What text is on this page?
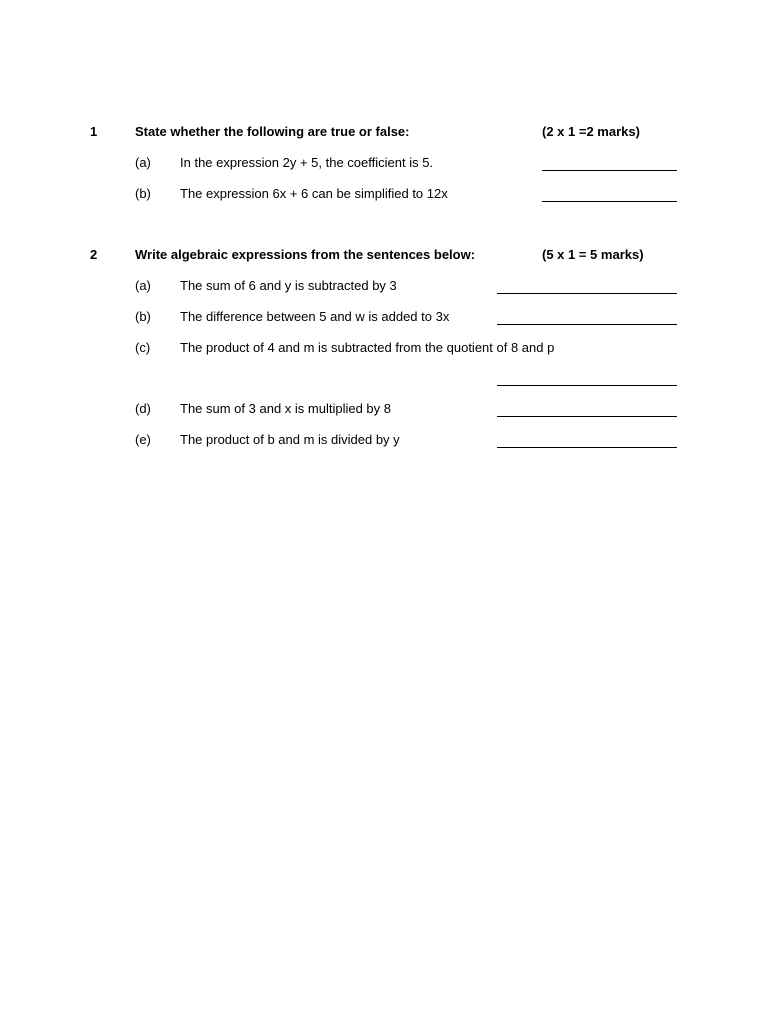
1	State whether the following are true or false:	(2 x 1 =2 marks)
(a) In the expression 2y + 5, the coefficient is 5.
(b) The expression 6x + 6 can be simplified to 12x
2	Write algebraic expressions from the sentences below:	(5 x 1 = 5 marks)
(a) The sum of 6 and y is subtracted by 3
(b) The difference between 5 and w is added to 3x
(c) The product of 4 and m is subtracted from the quotient of 8 and p
(d) The sum of 3 and x is multiplied by 8
(e) The product of b and m is divided by y
